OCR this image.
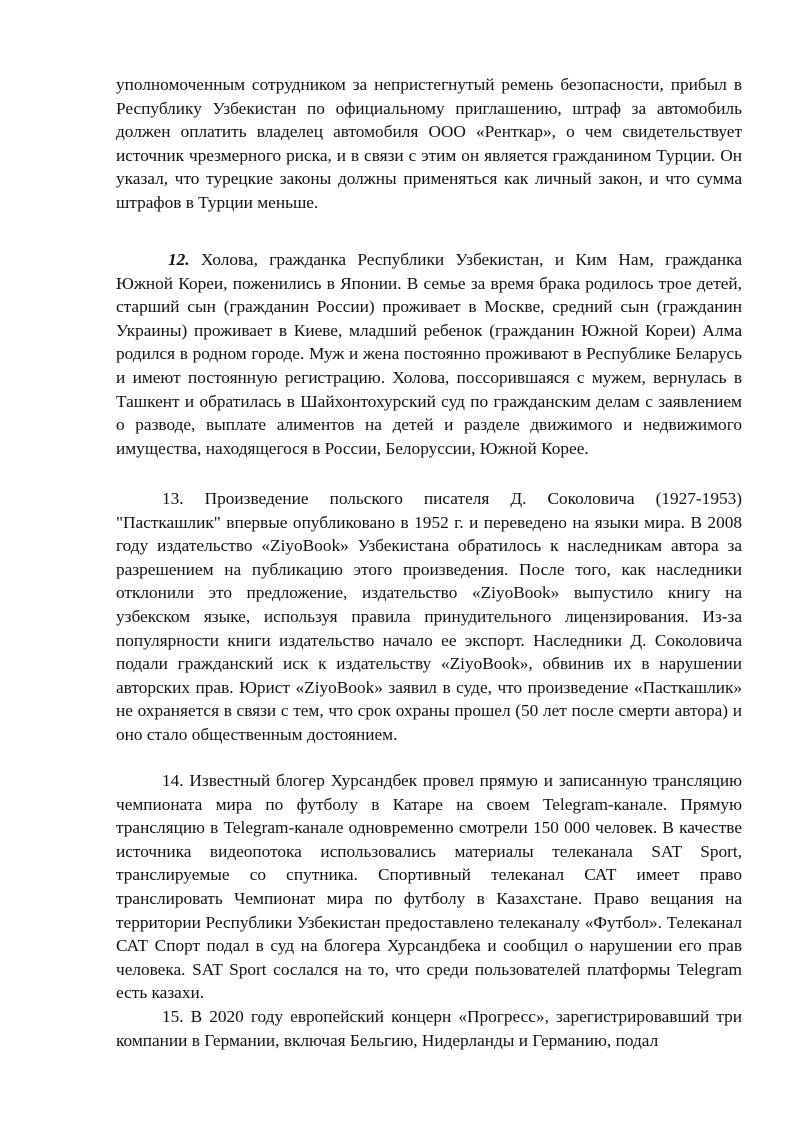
уполномоченным сотрудником за непристегнутый ремень безопасности, прибыл в Республику Узбекистан по официальному приглашению, штраф за автомобиль должен оплатить владелец автомобиля ООО «Ренткар», о чем свидетельствует источник чрезмерного риска, и в связи с этим он является гражданином Турции. Он указал, что турецкие законы должны применяться как личный закон, и что сумма штрафов в Турции меньше.

12. Холова, гражданка Республики Узбекистан, и Ким Нам, гражданка Южной Кореи, поженились в Японии. В семье за время брака родилось трое детей, старший сын (гражданин России) проживает в Москве, средний сын (гражданин Украины) проживает в Киеве, младший ребенок (гражданин Южной Кореи) Алма родился в родном городе. Муж и жена постоянно проживают в Республике Беларусь и имеют постоянную регистрацию. Холова, поссорившаяся с мужем, вернулась в Ташкент и обратилась в Шайхонтохурский суд по гражданским делам с заявлением о разводе, выплате алиментов на детей и разделе движимого и недвижимого имущества, находящегося в России, Белоруссии, Южной Корее.

13. Произведение польского писателя Д. Соколовича (1927-1953) "Пасткашлик" впервые опубликовано в 1952 г. и переведено на языки мира. В 2008 году издательство «ZiyoBook» Узбекистана обратилось к наследникам автора за разрешением на публикацию этого произведения. После того, как наследники отклонили это предложение, издательство «ZiyoBook» выпустило книгу на узбекском языке, используя правила принудительного лицензирования. Из-за популярности книги издательство начало ее экспорт. Наследники Д. Соколовича подали гражданский иск к издательству «ZiyoBook», обвинив их в нарушении авторских прав. Юрист «ZiyoBook» заявил в суде, что произведение «Пасткашлик» не охраняется в связи с тем, что срок охраны прошел (50 лет после смерти автора) и оно стало общественным достоянием.

14. Известный блогер Хурсандбек провел прямую и записанную трансляцию чемпионата мира по футболу в Катаре на своем Telegram-канале. Прямую трансляцию в Telegram-канале одновременно смотрели 150 000 человек. В качестве источника видеопотока использовались материалы телеканала SAT Sport, транслируемые со спутника. Спортивный телеканал САТ имеет право транслировать Чемпионат мира по футболу в Казахстане. Право вещания на территории Республики Узбекистан предоставлено телеканалу «Футбол». Телеканал САТ Спорт подал в суд на блогера Хурсандбека и сообщил о нарушении его прав человека. SAT Sport сослался на то, что среди пользователей платформы Telegram есть казахи.

15. В 2020 году европейский концерн «Прогресс», зарегистрировавший три компании в Германии, включая Бельгию, Нидерланды и Германию, подал
